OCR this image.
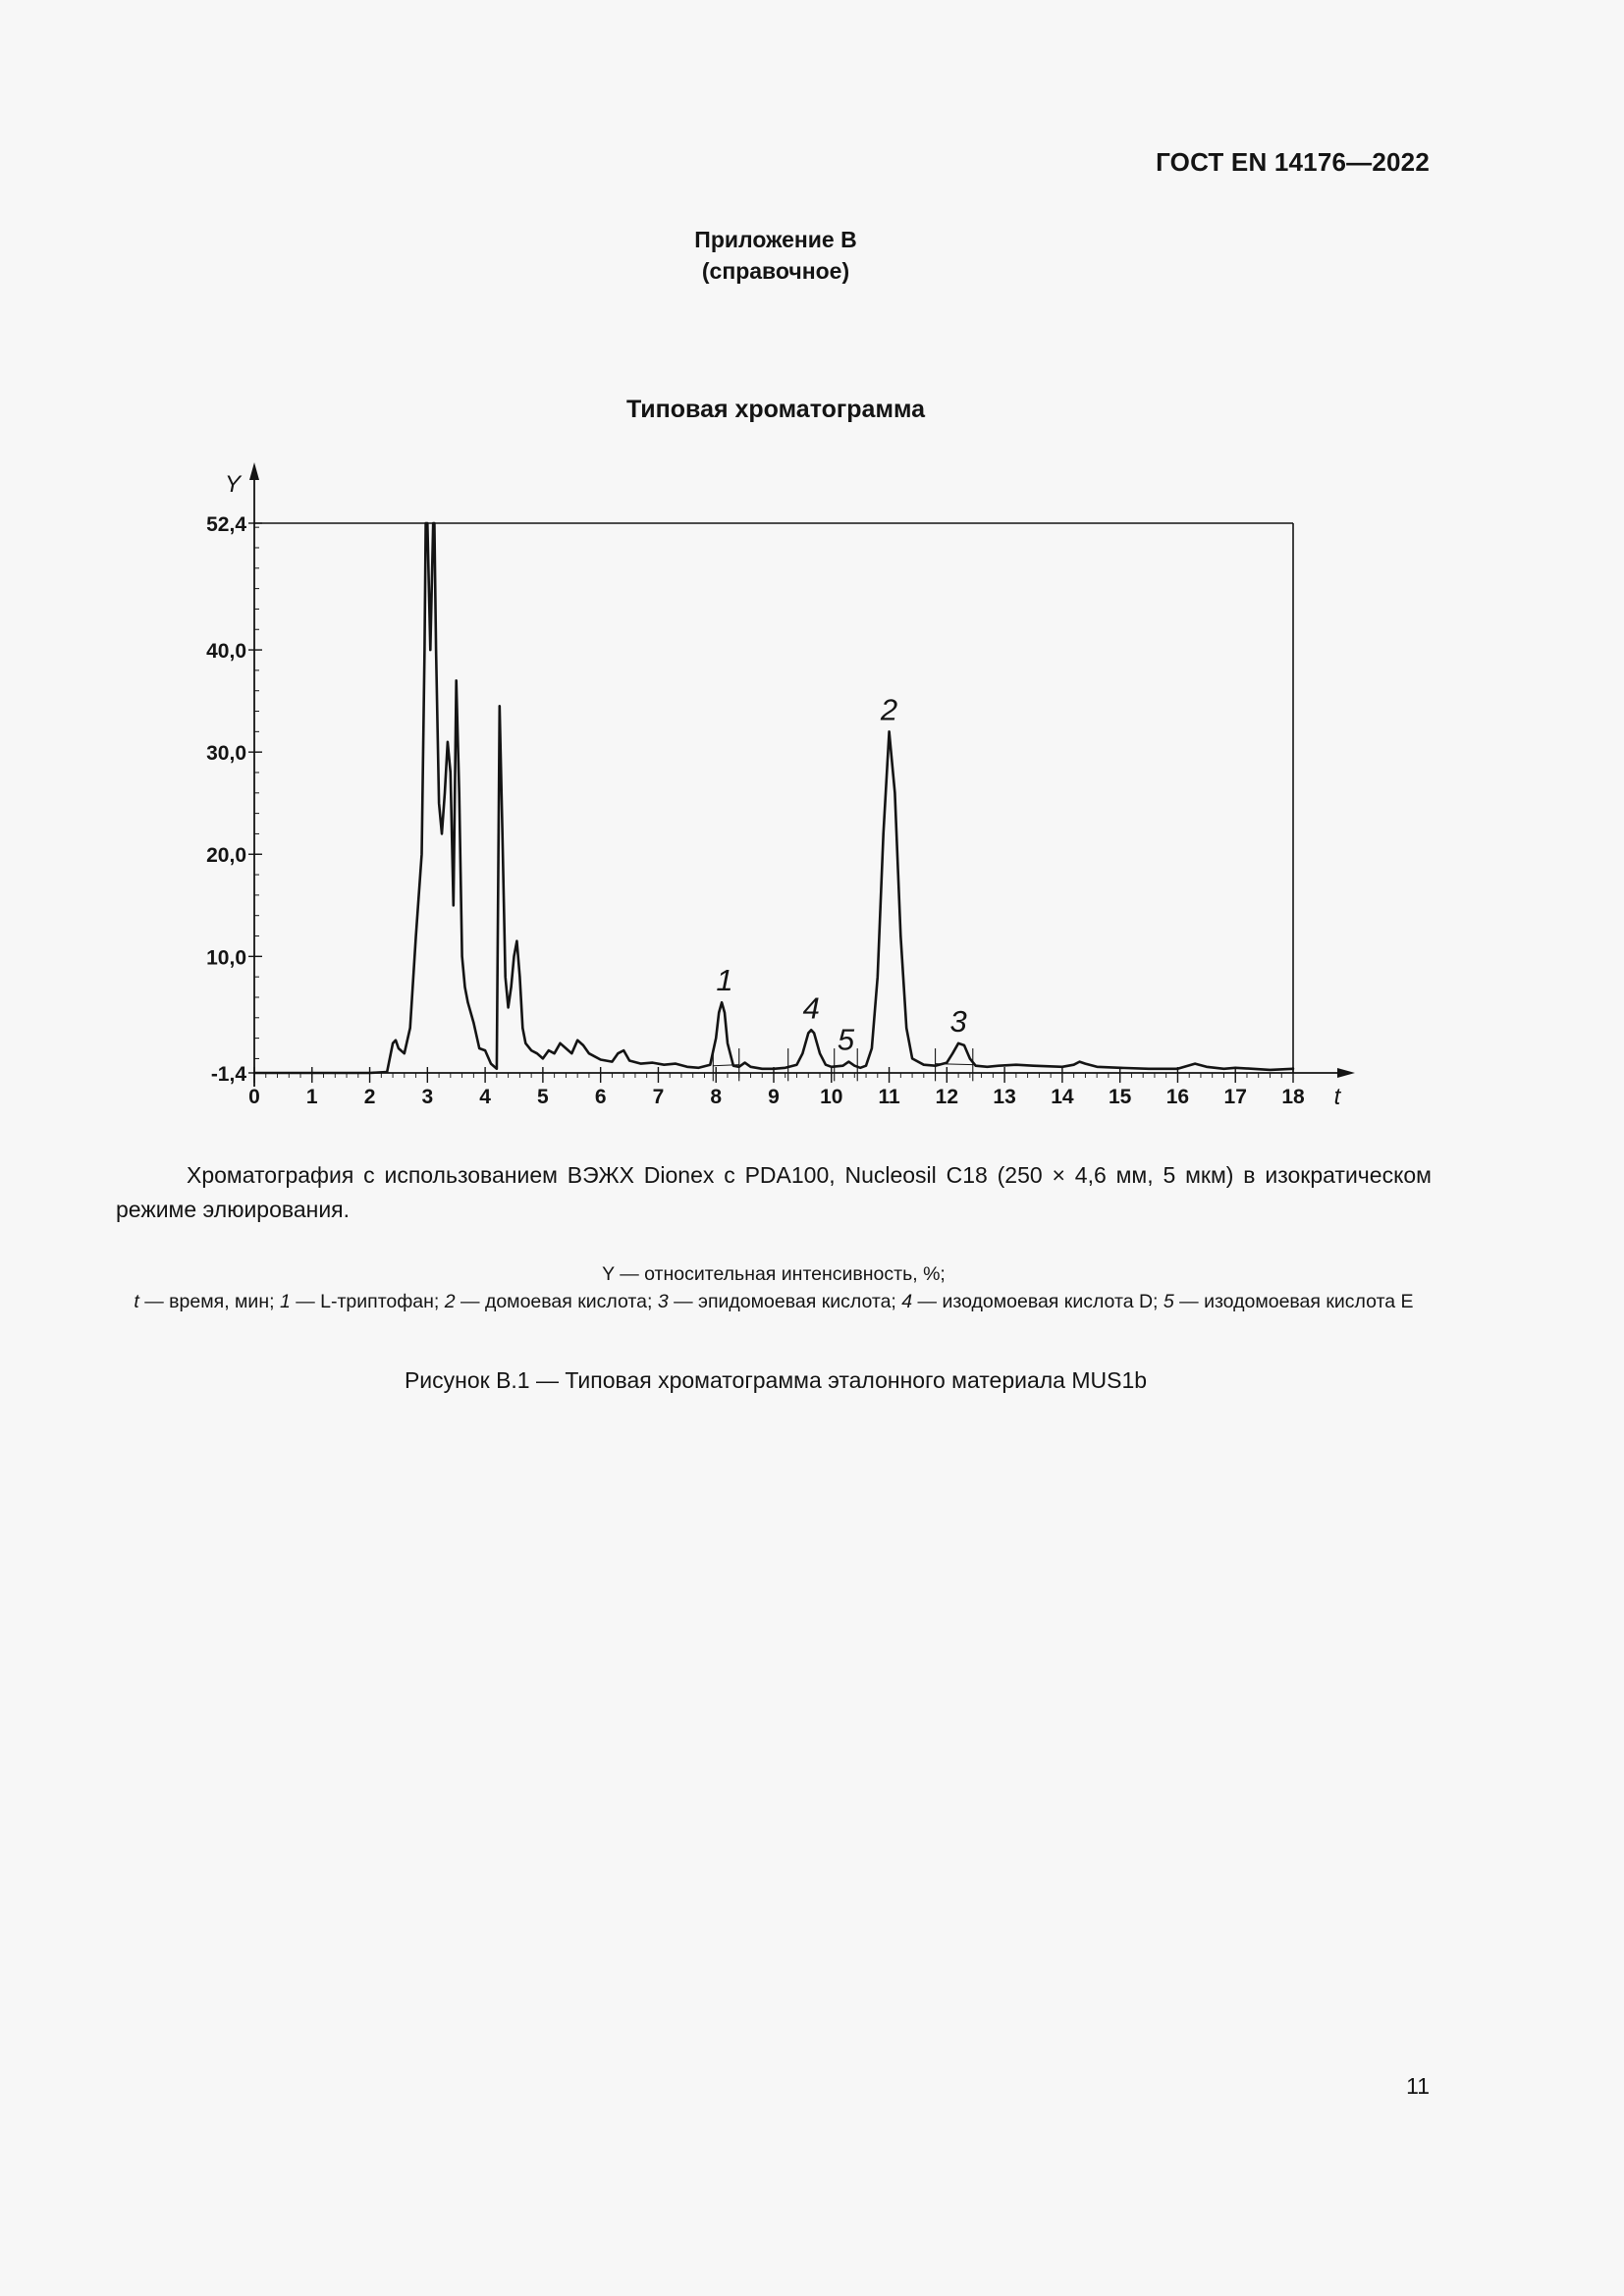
ГОСТ EN 14176—2022
Приложение В
(справочное)
Типовая хроматограмма
Y
-1,4
10,0
20,0
30,0
40,0
52,4
t
0 1 2 3 4 5 6 7 8 9 10 11 12 13 14 15 16 17 18
1
2
3
4
5
Хроматография с использованием ВЭЖХ Dionex с PDA100, Nucleosil C18 (250 × 4,6 мм, 5 мкм) в изократическом режиме элюирования.
Y — относительная интенсивность, %;
t — время, мин; 1 — L-триптофан; 2 — домоевая кислота; 3 — эпидомоевая кислота; 4 — изодомоевая кислота D; 5 — изодомоевая кислота E
Рисунок В.1 — Типовая хроматограмма эталонного материала MUS1b
11
